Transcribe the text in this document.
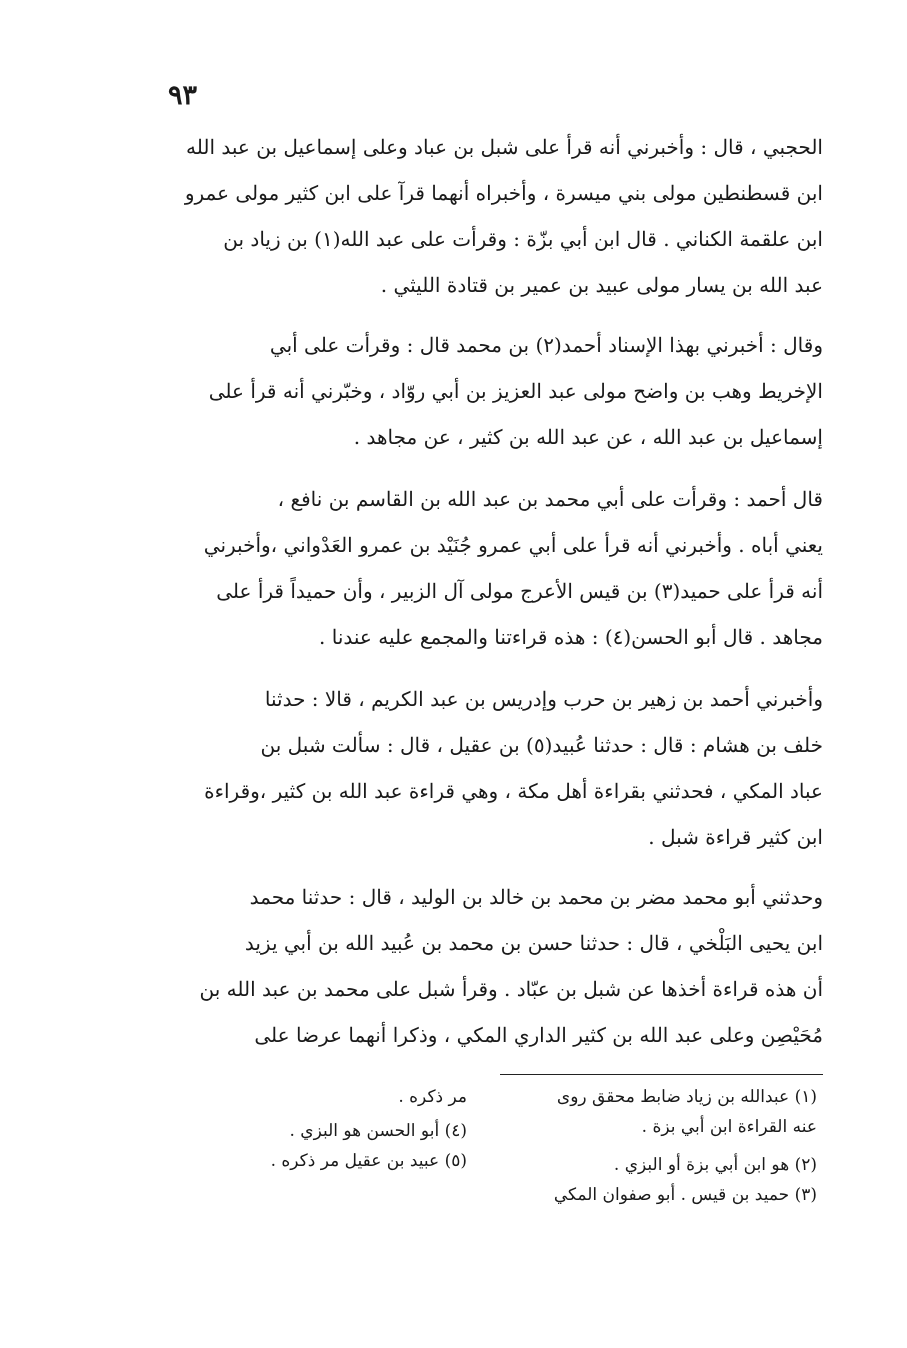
٩٣
الحجبي ، قال : وأخبرني أنه قرأ على شبل بن عباد وعلى إسماعيل بن عبد الله
ابن قسطنطين مولى بني ميسرة ، وأخبراه أنهما قرآ على ابن كثير مولى عمرو
ابن علقمة الكناني . قال ابن أبي بزّة : وقرأت على عبد الله(١) بن زياد بن
عبد الله بن يسار مولى عبيد بن عمير بن قتادة الليثي .
وقال : أخبرني بهذا الإسناد أحمد(٢) بن محمد قال : وقرأت على أبي
الإخريط وهب بن واضح مولى عبد العزيز بن أبي روّاد ، وخبّرني أنه قرأ على
إسماعيل بن عبد الله ، عن عبد الله بن كثير ، عن مجاهد .
قال أحمد : وقرأت على أبي محمد بن عبد الله بن القاسم بن نافع ،
يعني أباه . وأخبرني أنه قرأ على أبي عمرو جُنَيْد بن عمرو العَدْواني ،وأخبرني
أنه قرأ على حميد(٣) بن قيس الأعرج مولى آل الزبير ، وأن حميداً قرأ على
مجاهد . قال أبو الحسن(٤) : هذه قراءتنا والمجمع عليه عندنا .
وأخبرني أحمد بن زهير بن حرب وإدريس بن عبد الكريم ، قالا : حدثنا
خلف بن هشام : قال : حدثنا عُبيد(٥) بن عقيل ، قال : سألت شبل بن
عباد المكي ، فحدثني بقراءة أهل مكة ، وهي قراءة عبد الله بن كثير ،وقراءة
ابن كثير قراءة شبل .
وحدثني أبو محمد مضر بن محمد بن خالد بن الوليد ، قال : حدثنا محمد
ابن يحيى البَلْخي ، قال : حدثنا حسن بن محمد بن عُبيد الله بن أبي يزيد
أن هذه قراءة أخذها عن شبل بن عبّاد . وقرأ شبل على محمد بن عبد الله بن
مُحَيْصِن وعلى عبد الله بن كثير الداري المكي ، وذكرا أنهما عرضا على
(١) عبدالله بن زياد ضابط محقق روى
عنه القراءة ابن أبي بزة .
(٢) هو ابن أبي بزة أو البزي .
(٣) حميد بن قيس . أبو صفوان المكي
مر ذكره .
(٤) أبو الحسن هو البزي .
(٥) عبيد بن عقيل مر ذكره .
